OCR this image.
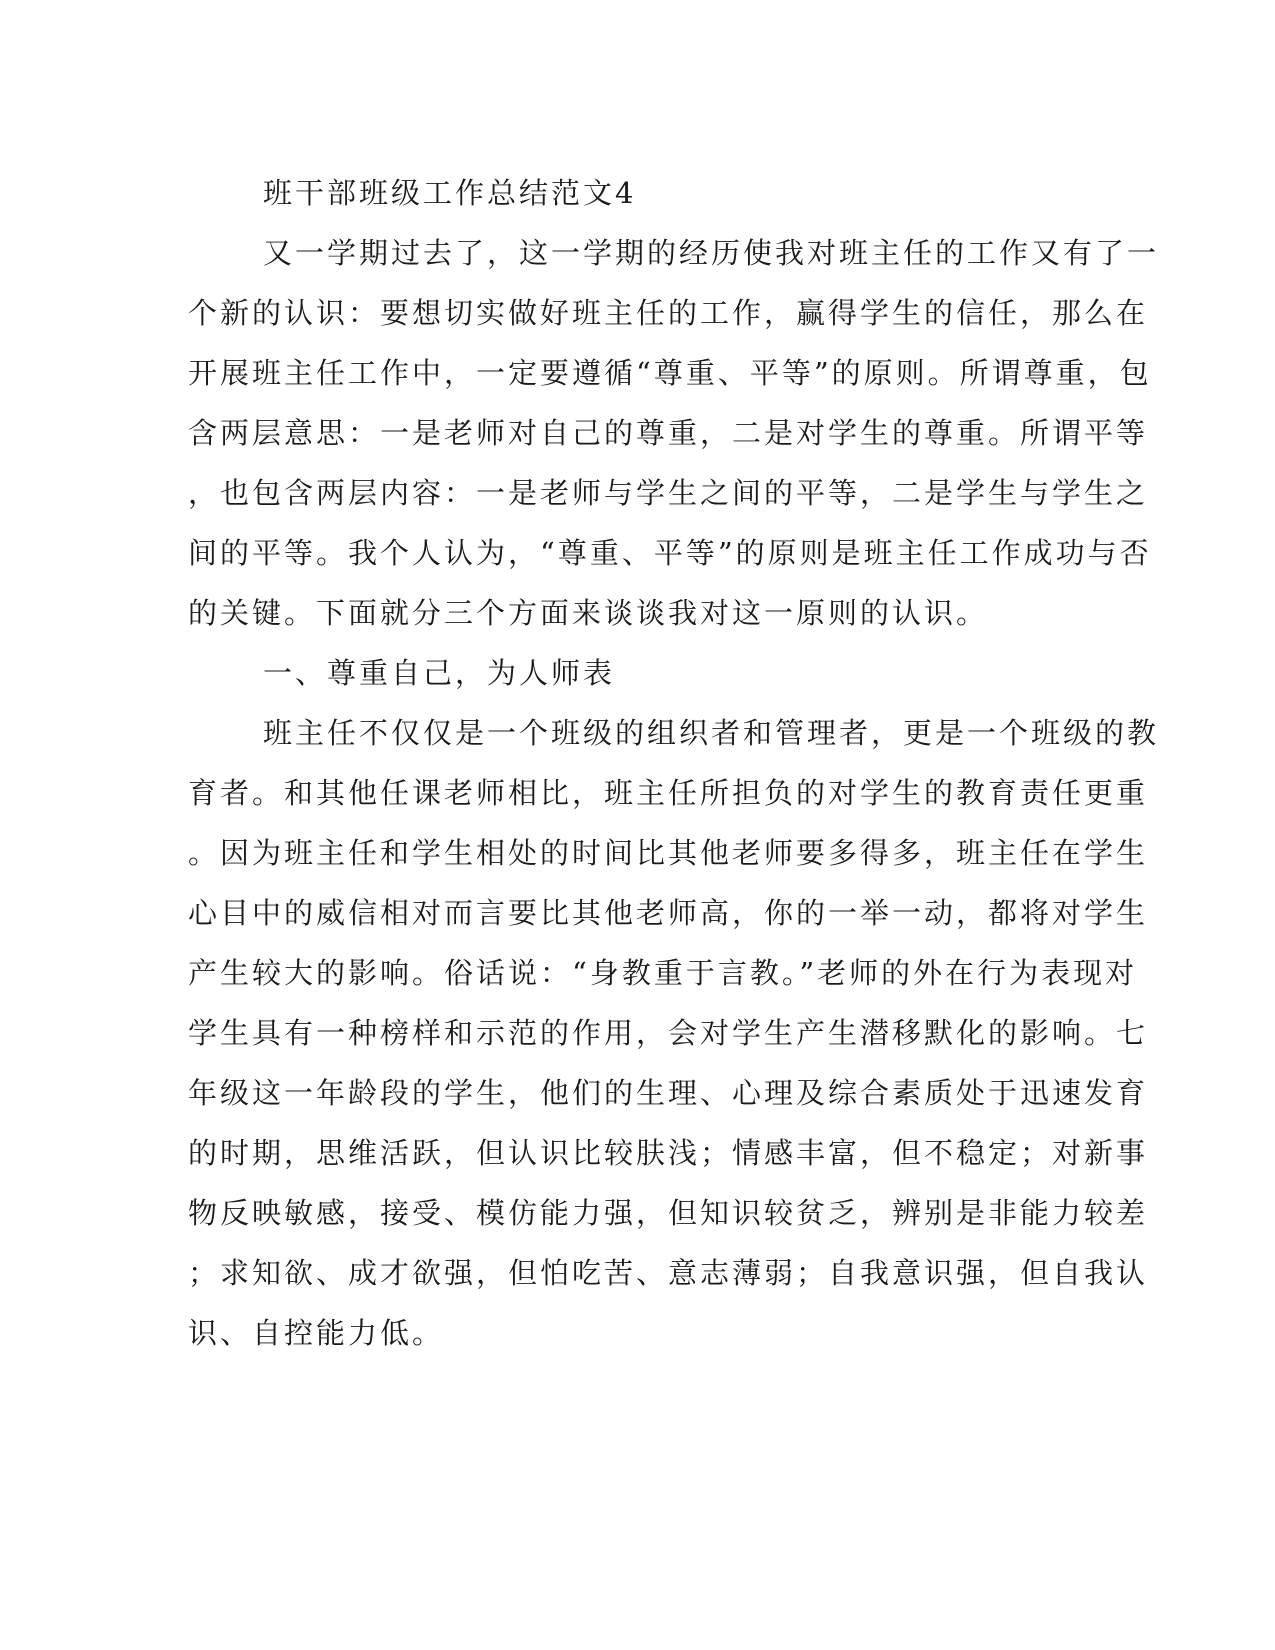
班干部班级工作总结范文4
又一学期过去了，这一学期的经历使我对班主任的工作又有了一
个新的认识：要想切实做好班主任的工作，赢得学生的信任，那么在
开展班主任工作中，一定要遵循“尊重、平等”的原则。所谓尊重，包
含两层意思：一是老师对自己的尊重，二是对学生的尊重。所谓平等
，也包含两层内容：一是老师与学生之间的平等，二是学生与学生之
间的平等。我个人认为，“尊重、平等”的原则是班主任工作成功与否
的关键。下面就分三个方面来谈谈我对这一原则的认识。
一、尊重自己，为人师表
班主任不仅仅是一个班级的组织者和管理者，更是一个班级的教
育者。和其他任课老师相比，班主任所担负的对学生的教育责任更重
。因为班主任和学生相处的时间比其他老师要多得多，班主任在学生
心目中的威信相对而言要比其他老师高，你的一举一动，都将对学生
产生较大的影响。俗话说：“身教重于言教。”老师的外在行为表现对
学生具有一种榜样和示范的作用，会对学生产生潜移默化的影响。七
年级这一年龄段的学生，他们的生理、心理及综合素质处于迅速发育
的时期，思维活跃，但认识比较肤浅；情感丰富，但不稳定；对新事
物反映敏感，接受、模仿能力强，但知识较贫乏，辨别是非能力较差
；求知欲、成才欲强，但怕吃苦、意志薄弱；自我意识强，但自我认
识、自控能力低。
